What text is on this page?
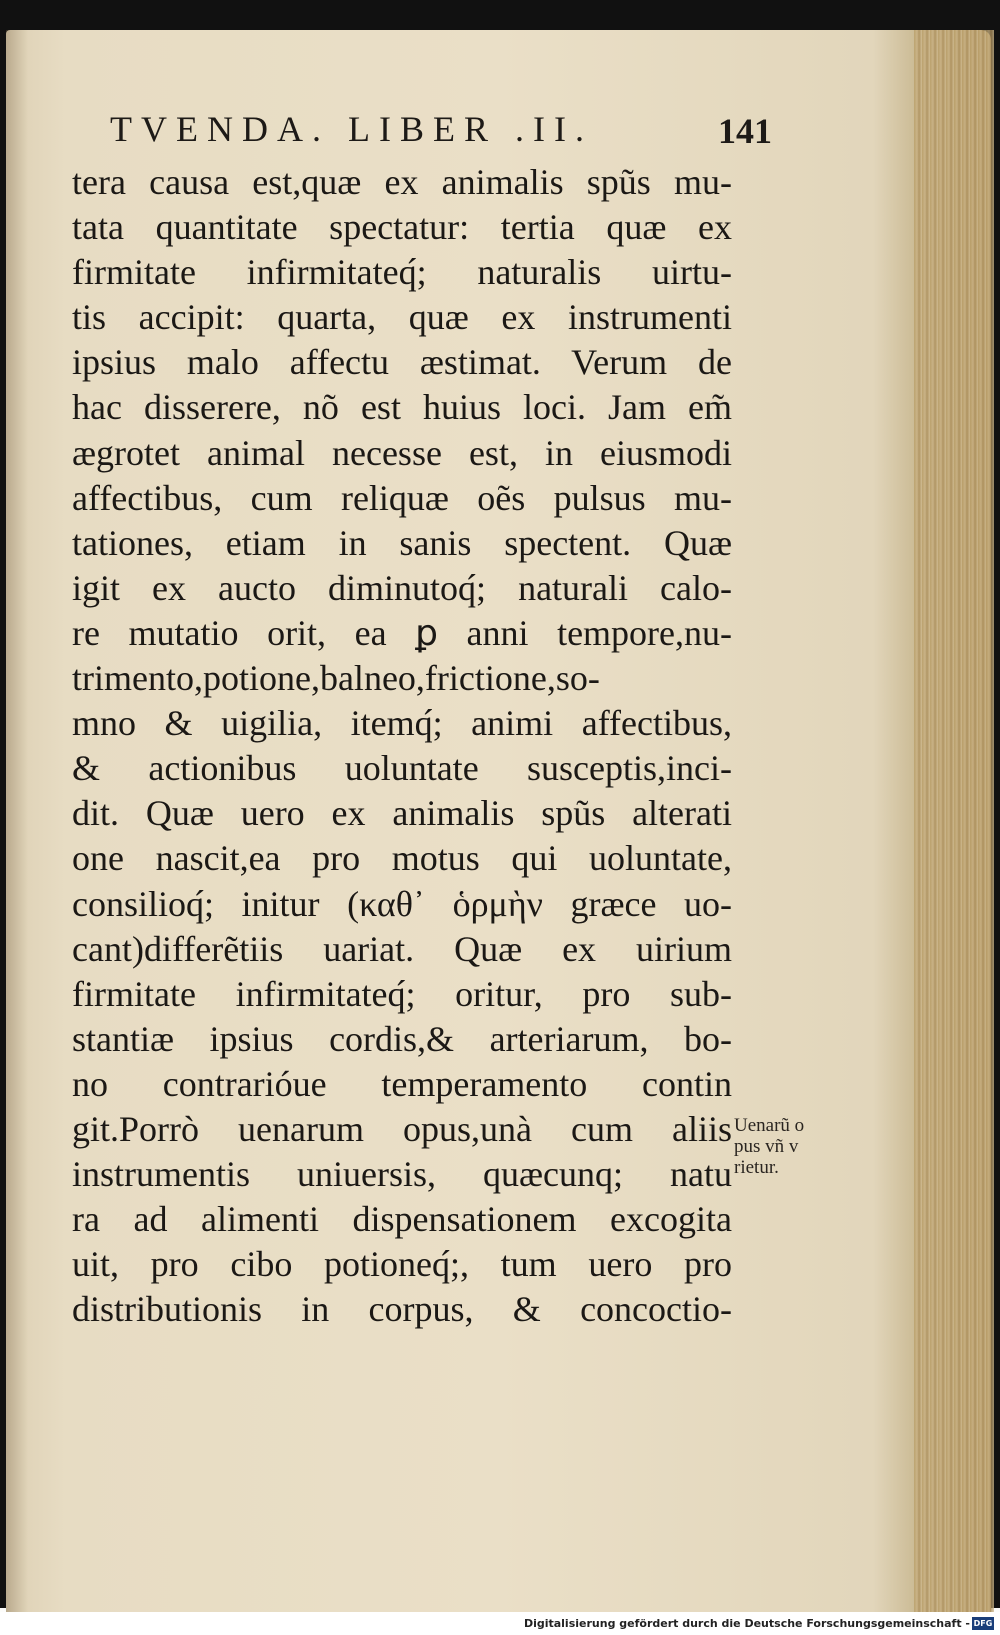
TVENDA. LIBER .II.	141
tera causa est,quæ ex animalis spũs mu-
tata quantitate spectatur: tertia quæ ex
firmitate infirmitateq́; naturalis uirtu-
tis accipit: quarta, quæ ex instrumenti
ipsius malo affectu æstimat. Verum de
hac disserere, nõ est huius loci. Jam em̃
ægrotet animal necesse est, in eiusmodi
affectibus, cum reliquæ oẽs pulsus mu-
tationes, etiam in sanis spectent. Quæ
igit ex aucto diminutoq́; naturali calo-
re mutatio orit, ea ꝑ anni tempore,nu-
trimento,potione,balneo,frictione,so-
mno & uigilia, itemq́; animi affectibus,
& actionibus uoluntate susceptis,inci-
dit. Quæ uero ex animalis spũs alterati
one nascit,ea pro motus qui uoluntate,
consilioq́; initur (καθ᾽ ὁρμὴν græce uo-
cant)differẽtiis uariat. Quæ ex uirium
firmitate infirmitateq́; oritur, pro sub-
stantiæ ipsius cordis,& arteriarum, bo-
no contrarióue temperamento contin
git.Porrò uenarum opus,unà cum aliis
instrumentis uniuersis, quæcunq; natu
ra ad alimenti dispensationem excogita
uit, pro cibo potioneq́;, tum uero pro
distributionis in corpus, & concoctio-
Uenarũ o
pus vñ v
rietur.
Digitalisierung gefördert durch die Deutsche Forschungsgemeinschaft - DFG
